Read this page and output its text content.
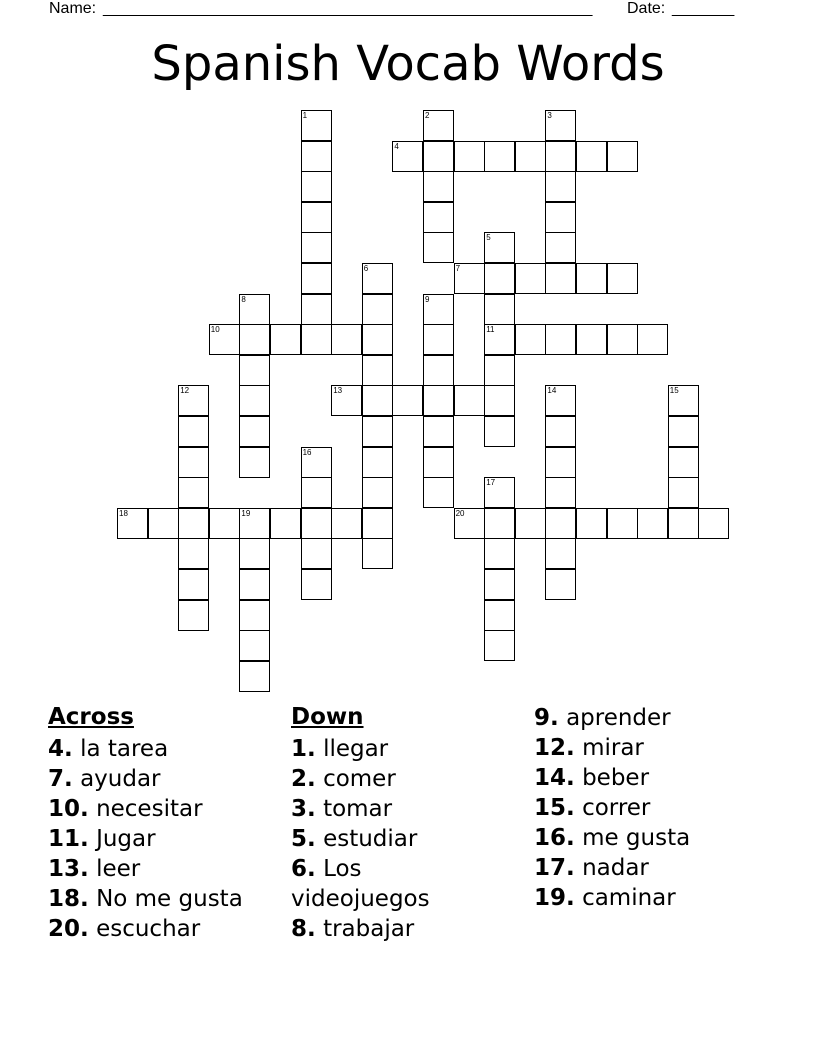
Name: _______________________________________________________ Date: _______
Spanish Vocab Words
1	2	3
4
5
6	7
8	9
10	11
12	13	14	15
16
17
18	19	20
Across
4. la tarea
7. ayudar
10. necesitar
11. Jugar
13. leer
18. No me gusta
20. escuchar
Down
1. llegar
2. comer
3. tomar
5. estudiar
6. Los videojuegos
8. trabajar
9. aprender
12. mirar
14. beber
15. correr
16. me gusta
17. nadar
19. caminar
